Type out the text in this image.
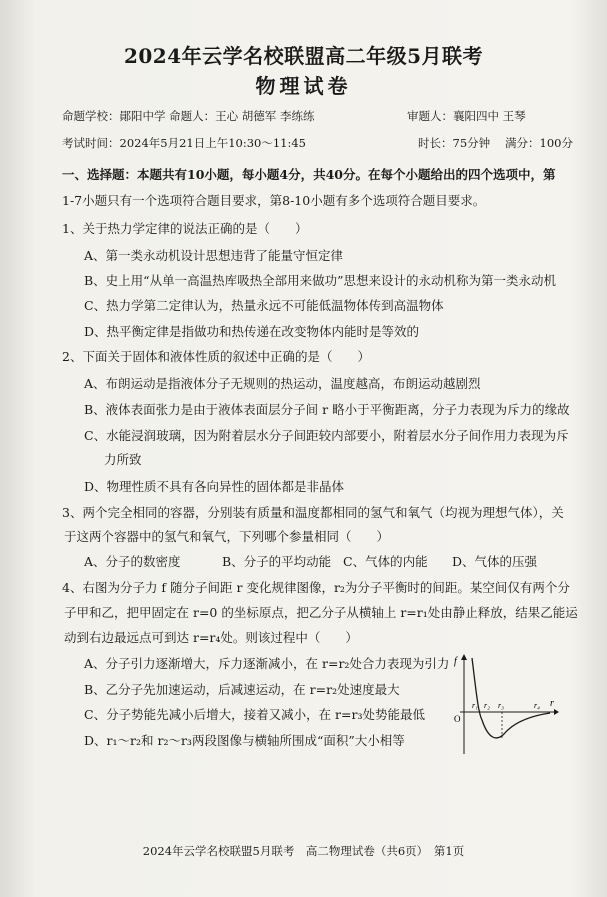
2024年云学名校联盟高二年级5月联考
物理试卷
命题学校：鄖阳中学 命题人：王心 胡德军 李练练	审题人：襄阳四中 王琴
考试时间：2024年5月21日上午10:30～11:45	时长：75分钟 满分：100分
一、选择题：本题共有10小题，每小题4分，共40分。在每个小题给出的四个选项中，第
1-7小题只有一个选项符合题目要求，第8-10小题有多个选项符合题目要求。
1、关于热力学定律的说法正确的是（　　）
A、第一类永动机设计思想违背了能量守恒定律
B、史上用“从单一高温热库吸热全部用来做功”思想来设计的永动机称为第一类永动机
C、热力学第二定律认为，热量永远不可能低温物体传到高温物体
D、热平衡定律是指做功和热传递在改变物体内能时是等效的
2、下面关于固体和液体性质的叙述中正确的是（　　）
A、布朗运动是指液体分子无规则的热运动，温度越高，布朗运动越剧烈
B、液体表面张力是由于液体表面层分子间 r 略小于平衡距离，分子力表现为斥力的缘故
C、水能浸润玻璃，因为附着层水分子间距较内部要小，附着层水分子间作用力表现为斥
力所致
D、物理性质不具有各向异性的固体都是非晶体
3、两个完全相同的容器，分别装有质量和温度都相同的氢气和氧气（均视为理想气体），关
于这两个容器中的氢气和氧气，下列哪个参量相同（　　）
A、分子的数密度	B、分子的平均动能 C、气体的内能 D、气体的压强
4、右图为分子力 f 随分子间距 r 变化规律图像，r₂为分子平衡时的间距。某空间仅有两个分
子甲和乙，把甲固定在 r=0 的坐标原点，把乙分子从横轴上 r=r₁处由静止释放，结果乙能运
动到右边最远点可到达 r=r₄处。则该过程中（　　）
A、分子引力逐渐增大，斥力逐渐减小，在 r=r₂处合力表现为引力
B、乙分子先加速运动，后减速运动，在 r=r₂处速度最大
C、分子势能先减小后增大，接着又减小，在 r=r₃处势能最低
D、r₁～r₂和 r₂～r₃两段图像与横轴所围成“面积”大小相等
f
r
O
r₁ r₂ r₃	r₄
2024年云学名校联盟5月联考　高二物理试卷（共6页）　第1页
